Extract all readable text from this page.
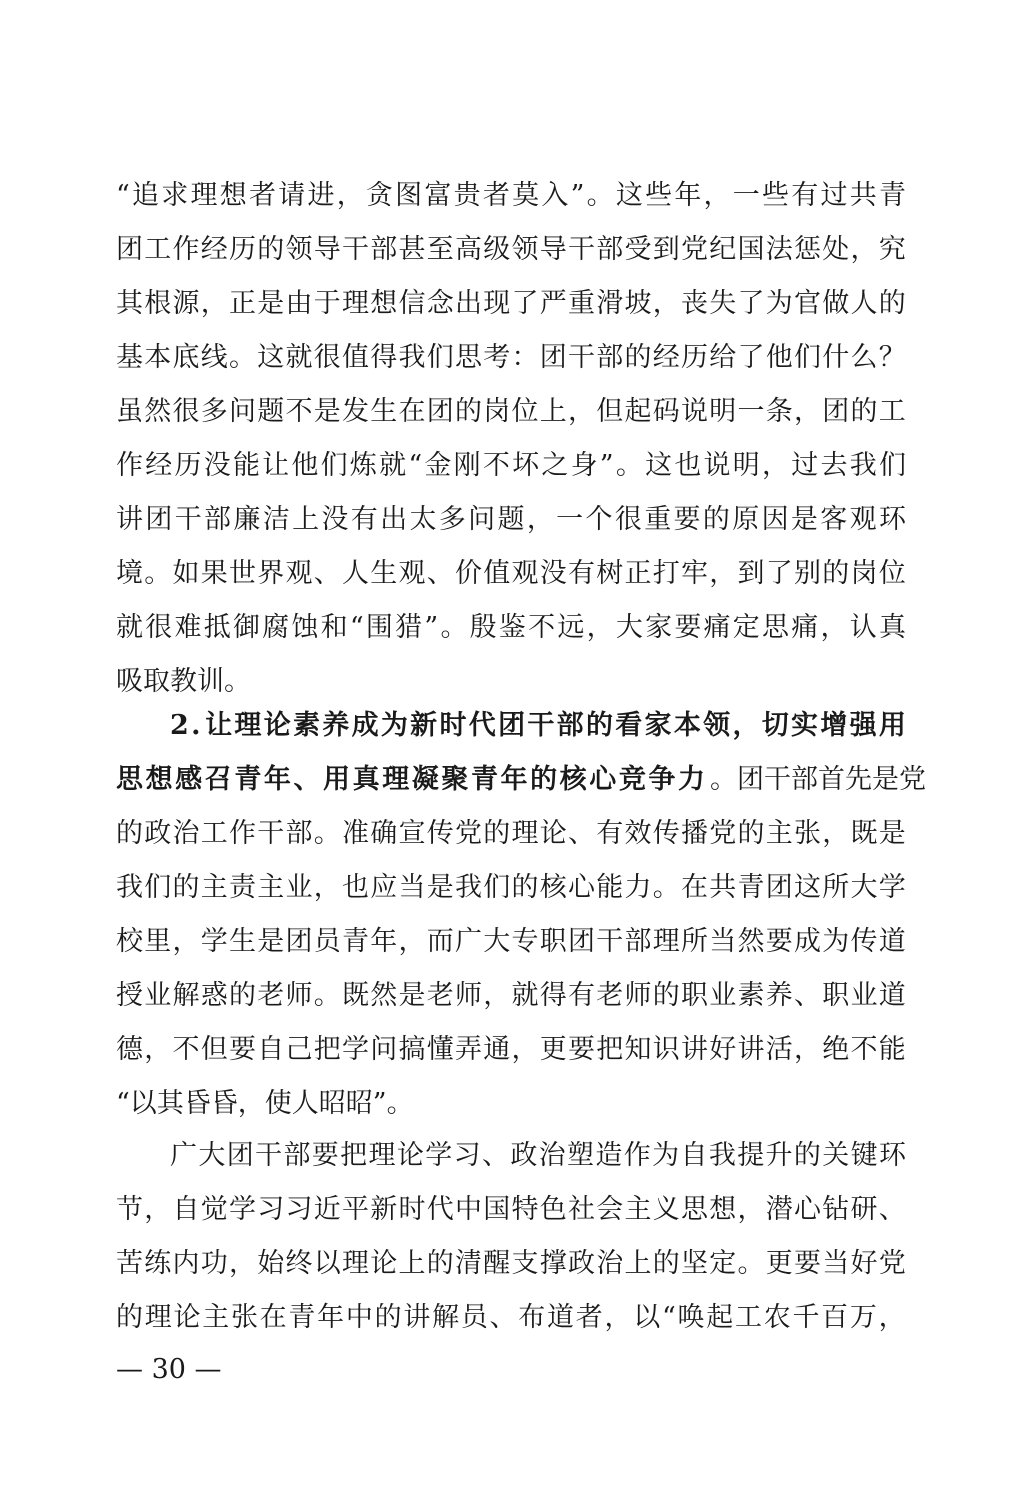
“ 追 求 理 想 者 请 进 ， 贪 图 富 贵 者 莫 入 ” 。 这 些 年 ， 一 些 有 过 共 青
团 工 作 经 历 的 领 导 干 部 甚 至 高 级 领 导 干 部 受 到 党 纪 国 法 惩 处 ， 究
其 根 源 ， 正 是 由 于 理 想 信 念 出 现 了 严 重 滑 坡 ， 丧 失 了 为 官 做 人 的
基 本 底 线 。 这 就 很 值 得 我 们 思 考 ： 团 干 部 的 经 历 给 了 他 们 什 么 ？
虽 然 很 多 问 题 不 是 发 生 在 团 的 岗 位 上 ， 但 起 码 说 明 一 条 ， 团 的 工
作 经 历 没 能 让 他 们 炼 就 “ 金 刚 不 坏 之 身 ” 。 这 也 说 明 ， 过 去 我 们
讲 团 干 部 廉 洁 上 没 有 出 太 多 问 题 ， 一 个 很 重 要 的 原 因 是 客 观 环
境 。 如 果 世 界 观 、 人 生 观 、 价 值 观 没 有 树 正 打 牢 ， 到 了 别 的 岗 位
就 很 难 抵 御 腐 蚀 和 “ 围 猎 ” 。 殷 鉴 不 远 ， 大 家 要 痛 定 思 痛 ， 认 真
吸取教训。
2 . 让 理 论 素 养 成 为 新 时 代 团 干 部 的 看 家 本 领 ， 切 实 增 强 用
思 想 感 召 青 年 、 用 真 理 凝 聚 青 年 的 核 心 竞 争 力 。 团 干 部 首 先 是 党
的 政 治 工 作 干 部 。 准 确 宣 传 党 的 理 论 、 有 效 传 播 党 的 主 张 ， 既 是
我 们 的 主 责 主 业 ， 也 应 当 是 我 们 的 核 心 能 力 。 在 共 青 团 这 所 大 学
校 里 ， 学 生 是 团 员 青 年 ， 而 广 大 专 职 团 干 部 理 所 当 然 要 成 为 传 道
授 业 解 惑 的 老 师 。 既 然 是 老 师 ， 就 得 有 老 师 的 职 业 素 养 、 职 业 道
德 ， 不 但 要 自 己 把 学 问 搞 懂 弄 通 ， 更 要 把 知 识 讲 好 讲 活 ， 绝 不 能
“以其昏昏，使人昭昭”。
广 大 团 干 部 要 把 理 论 学 习 、 政 治 塑 造 作 为 自 我 提 升 的 关 键 环
节 ， 自 觉 学 习 习 近 平 新 时 代 中 国 特 色 社 会 主 义 思 想 ， 潜 心 钻 研 、
苦 练 内 功 ， 始 终 以 理 论 上 的 清 醒 支 撑 政 治 上 的 坚 定 。 更 要 当 好 党
的 理 论 主 张 在 青 年 中 的 讲 解 员 、 布 道 者 ， 以 “ 唤 起 工 农 千 百 万 ，
— 30 —
